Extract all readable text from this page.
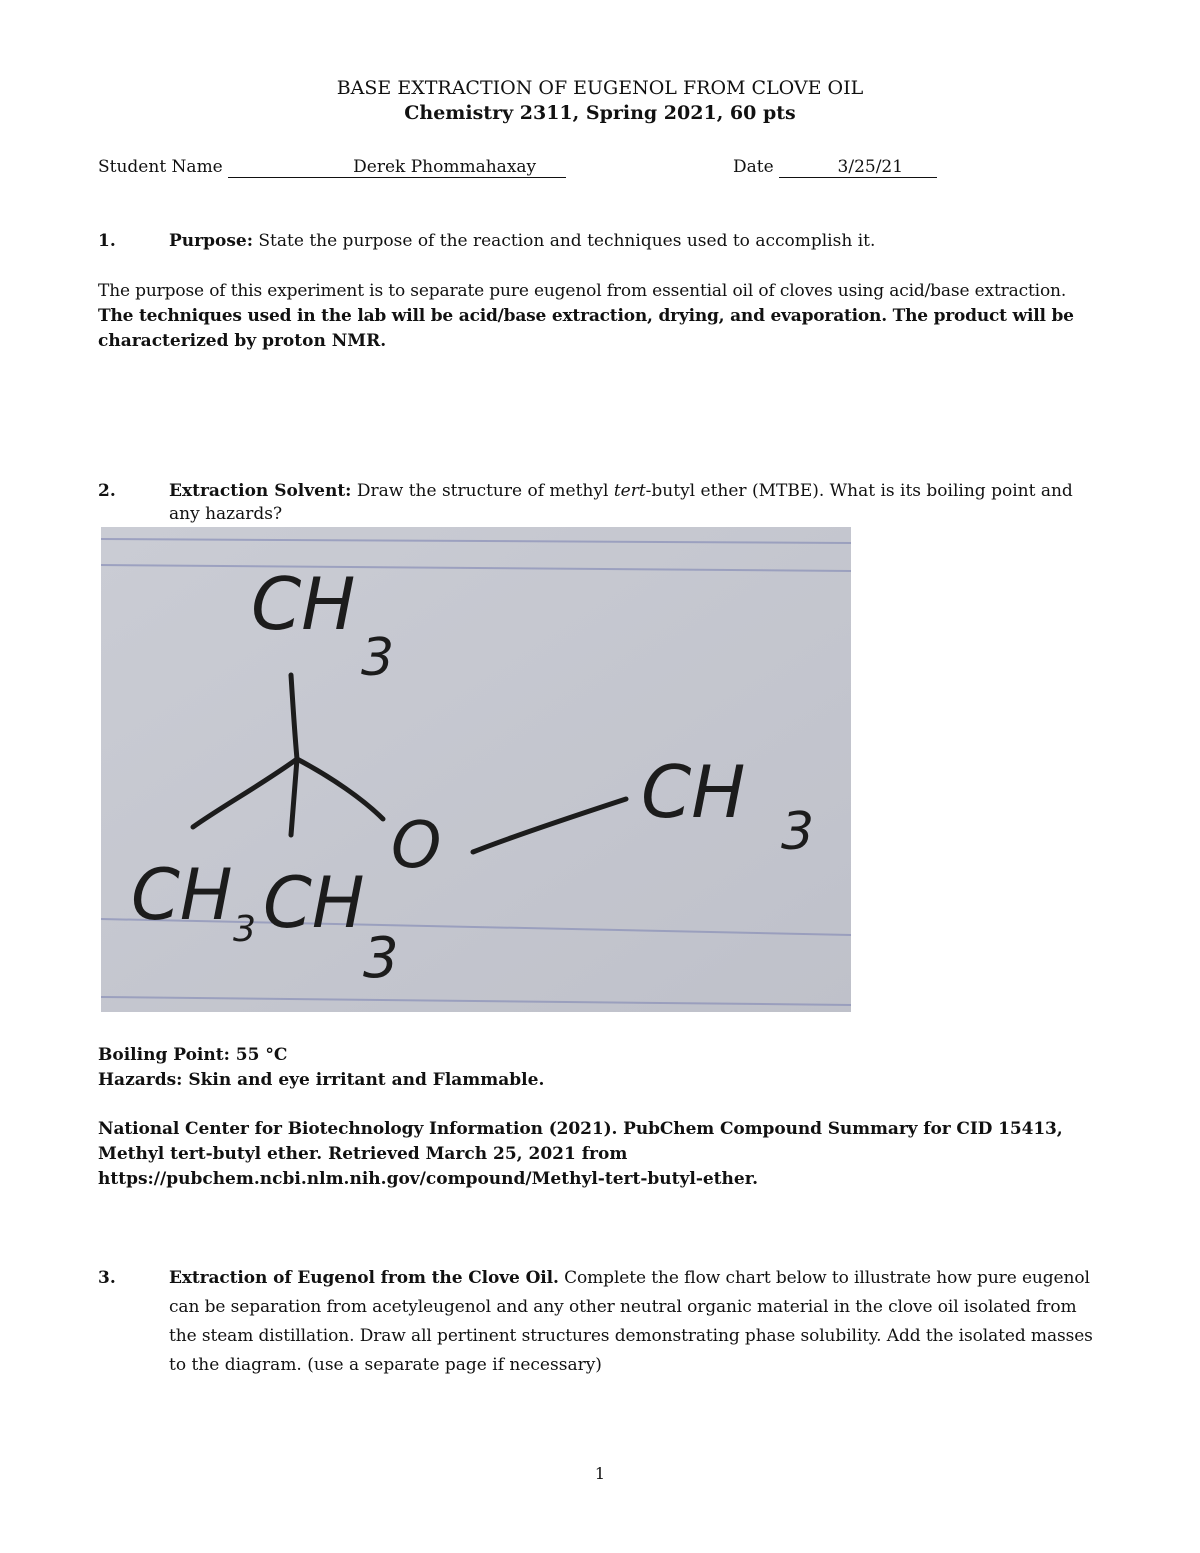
BASE EXTRACTION OF EUGENOL FROM CLOVE OIL
Chemistry 2311, Spring 2021, 60 pts
Student Name	Derek Phommahaxay	Date	3/25/21
1.	Purpose: State the purpose of the reaction and techniques used to accomplish it.
The purpose of this experiment is to separate pure eugenol from essential oil of cloves using acid/base extraction.
The techniques used in the lab will be acid/base extraction, drying, and evaporation. The product will be
characterized by proton NMR.
2.	Extraction Solvent: Draw the structure of methyl tert-butyl ether (MTBE). What is its boiling point and
any hazards?
CH
3
O
CH 3
CH 3 CH
3
Boiling Point: 55 °C
Hazards: Skin and eye irritant and Flammable.
National Center for Biotechnology Information (2021). PubChem Compound Summary for CID 15413,
Methyl tert-butyl ether. Retrieved March 25, 2021 from
https://pubchem.ncbi.nlm.nih.gov/compound/Methyl-tert-butyl-ether.
3.	Extraction of Eugenol from the Clove Oil. Complete the flow chart below to illustrate how pure eugenol
can be separation from acetyleugenol and any other neutral organic material in the clove oil isolated from
the steam distillation. Draw all pertinent structures demonstrating phase solubility. Add the isolated masses
to the diagram. (use a separate page if necessary)
1
